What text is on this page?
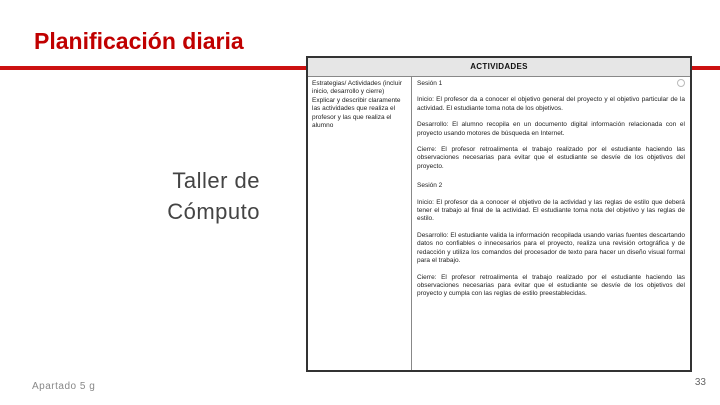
Planificación diaria
Taller de
Cómputo
ACTIVIDADES

Estrategias/ Actividades (incluir inicio, desarrollo y cierre) Explicar y describir claramente las actividades que realiza el profesor y las que realiza el alumno

Sesión 1

Inicio: El profesor da a conocer el objetivo general del proyecto y el objetivo particular de la actividad. El estudiante toma nota de los objetivos.

Desarrollo: El alumno recopila en un documento digital información relacionada con el proyecto usando motores de búsqueda en Internet.

Cierre: El profesor retroalimenta el trabajo realizado por el estudiante haciendo las observaciones necesarias para evitar que el estudiante se desvíe de los objetivos del proyecto.

Sesión 2

Inicio: El profesor da a conocer el objetivo de la actividad y las reglas de estilo que deberá tener el trabajo al final de la actividad. El estudiante toma nota del objetivo y las reglas de estilo.

Desarrollo: El estudiante valida la información recopilada usando varias fuentes descartando datos no confiables o innecesarios para el proyecto, realiza una revisión ortográfica y de redacción y utiliza los comandos del procesador de texto para hacer un diseño visual formal para el trabajo.

Cierre: El profesor retroalimenta el trabajo realizado por el estudiante haciendo las observaciones necesarias para evitar que el estudiante se desvíe de los objetivos del proyecto y cumpla con las reglas de estilo preestablecidas.

Apartado 5 g	33
